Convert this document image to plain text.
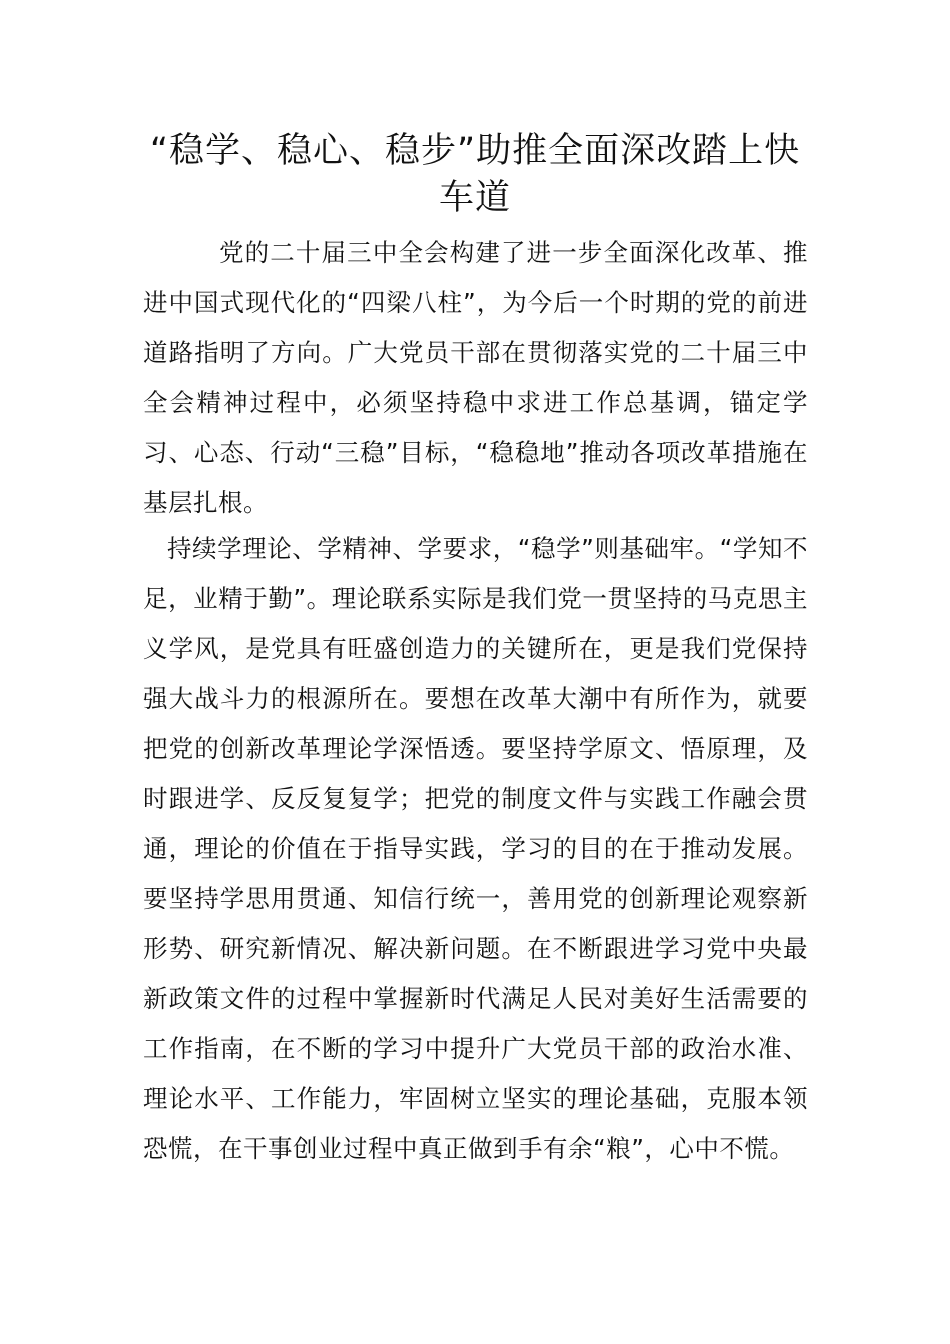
“稳学、稳心、稳步”助推全面深改踏上快车道

党的二十届三中全会构建了进一步全面深化改革、推进中国式现代化的“四梁八柱”，为今后一个时期的党的前进道路指明了方向。广大党员干部在贯彻落实党的二十届三中全会精神过程中，必须坚持稳中求进工作总基调，锚定学习、心态、行动“三稳”目标，“稳稳地”推动各项改革措施在基层扎根。

持续学理论、学精神、学要求，“稳学”则基础牢。“学知不足，业精于勤”。理论联系实际是我们党一贯坚持的马克思主义学风，是党具有旺盛创造力的关键所在，更是我们党保持强大战斗力的根源所在。要想在改革大潮中有所作为，就要把党的创新改革理论学深悟透。要坚持学原文、悟原理，及时跟进学、反反复复学；把党的制度文件与实践工作融会贯通，理论的价值在于指导实践，学习的目的在于推动发展。要坚持学思用贯通、知信行统一，善用党的创新理论观察新形势、研究新情况、解决新问题。在不断跟进学习党中央最新政策文件的过程中掌握新时代满足人民对美好生活需要的工作指南，在不断的学习中提升广大党员干部的政治水准、理论水平、工作能力，牢固树立坚实的理论基础，克服本领恐慌，在干事创业过程中真正做到手有余“粮”，心中不慌。
